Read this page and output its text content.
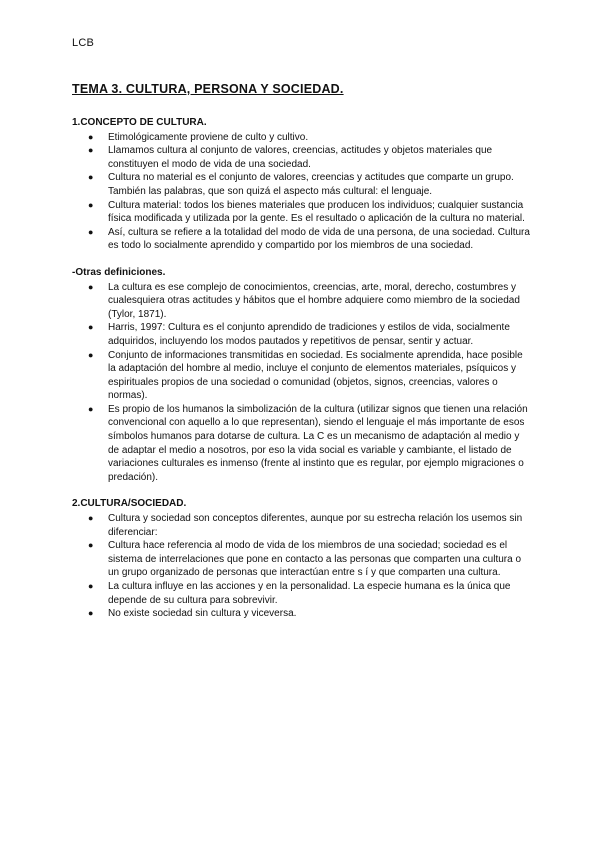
LCB
TEMA 3. CULTURA, PERSONA Y SOCIEDAD.
1.CONCEPTO DE CULTURA.
● Etimológicamente proviene de culto y cultivo.
● Llamamos cultura al conjunto de valores, creencias, actitudes y objetos materiales que constituyen el modo de vida de una sociedad.
● Cultura no material es el conjunto de valores, creencias y actitudes que comparte un grupo. También las palabras, que son quizá el aspecto más cultural: el lenguaje.
● Cultura material: todos los bienes materiales que producen los individuos; cualquier sustancia física modificada y utilizada por la gente. Es el resultado o aplicación de la cultura no material.
● Así, cultura se refiere a la totalidad del modo de vida de una persona, de una sociedad. Cultura es todo lo socialmente aprendido y compartido por los miembros de una sociedad.
-Otras definiciones.
● La cultura es ese complejo de conocimientos, creencias, arte, moral, derecho, costumbres y cualesquiera otras actitudes y hábitos que el hombre adquiere como miembro de la sociedad (Tylor, 1871).
● Harris, 1997: Cultura es el conjunto aprendido de tradiciones y estilos de vida, socialmente adquiridos, incluyendo los modos pautados y repetitivos de pensar, sentir y actuar.
● Conjunto de informaciones transmitidas en sociedad. Es socialmente aprendida, hace posible la adaptación del hombre al medio, incluye el conjunto de elementos materiales, psíquicos y espirituales propios de una sociedad o comunidad (objetos, signos, creencias, valores o normas).
● Es propio de los humanos la simbolización de la cultura (utilizar signos que tienen una relación convencional con aquello a lo que representan), siendo el lenguaje el más importante de esos símbolos humanos para dotarse de cultura. La C es un mecanismo de adaptación al medio y de adaptar el medio a nosotros, por eso la vida social es variable y cambiante, el listado de variaciones culturales es inmenso (frente al instinto que es regular, por ejemplo migraciones o predación).
2.CULTURA/SOCIEDAD.
● Cultura y sociedad son conceptos diferentes, aunque por su estrecha relación los usemos sin diferenciar:
● Cultura hace referencia al modo de vida de los miembros de una sociedad; sociedad es el sistema de interrelaciones que pone en contacto a las personas que comparten una cultura o un grupo organizado de personas que interactúan entre s í y que comparten una cultura.
● La cultura influye en las acciones y en la personalidad. La especie humana es la única que depende de su cultura para sobrevivir.
● No existe sociedad sin cultura y viceversa.
